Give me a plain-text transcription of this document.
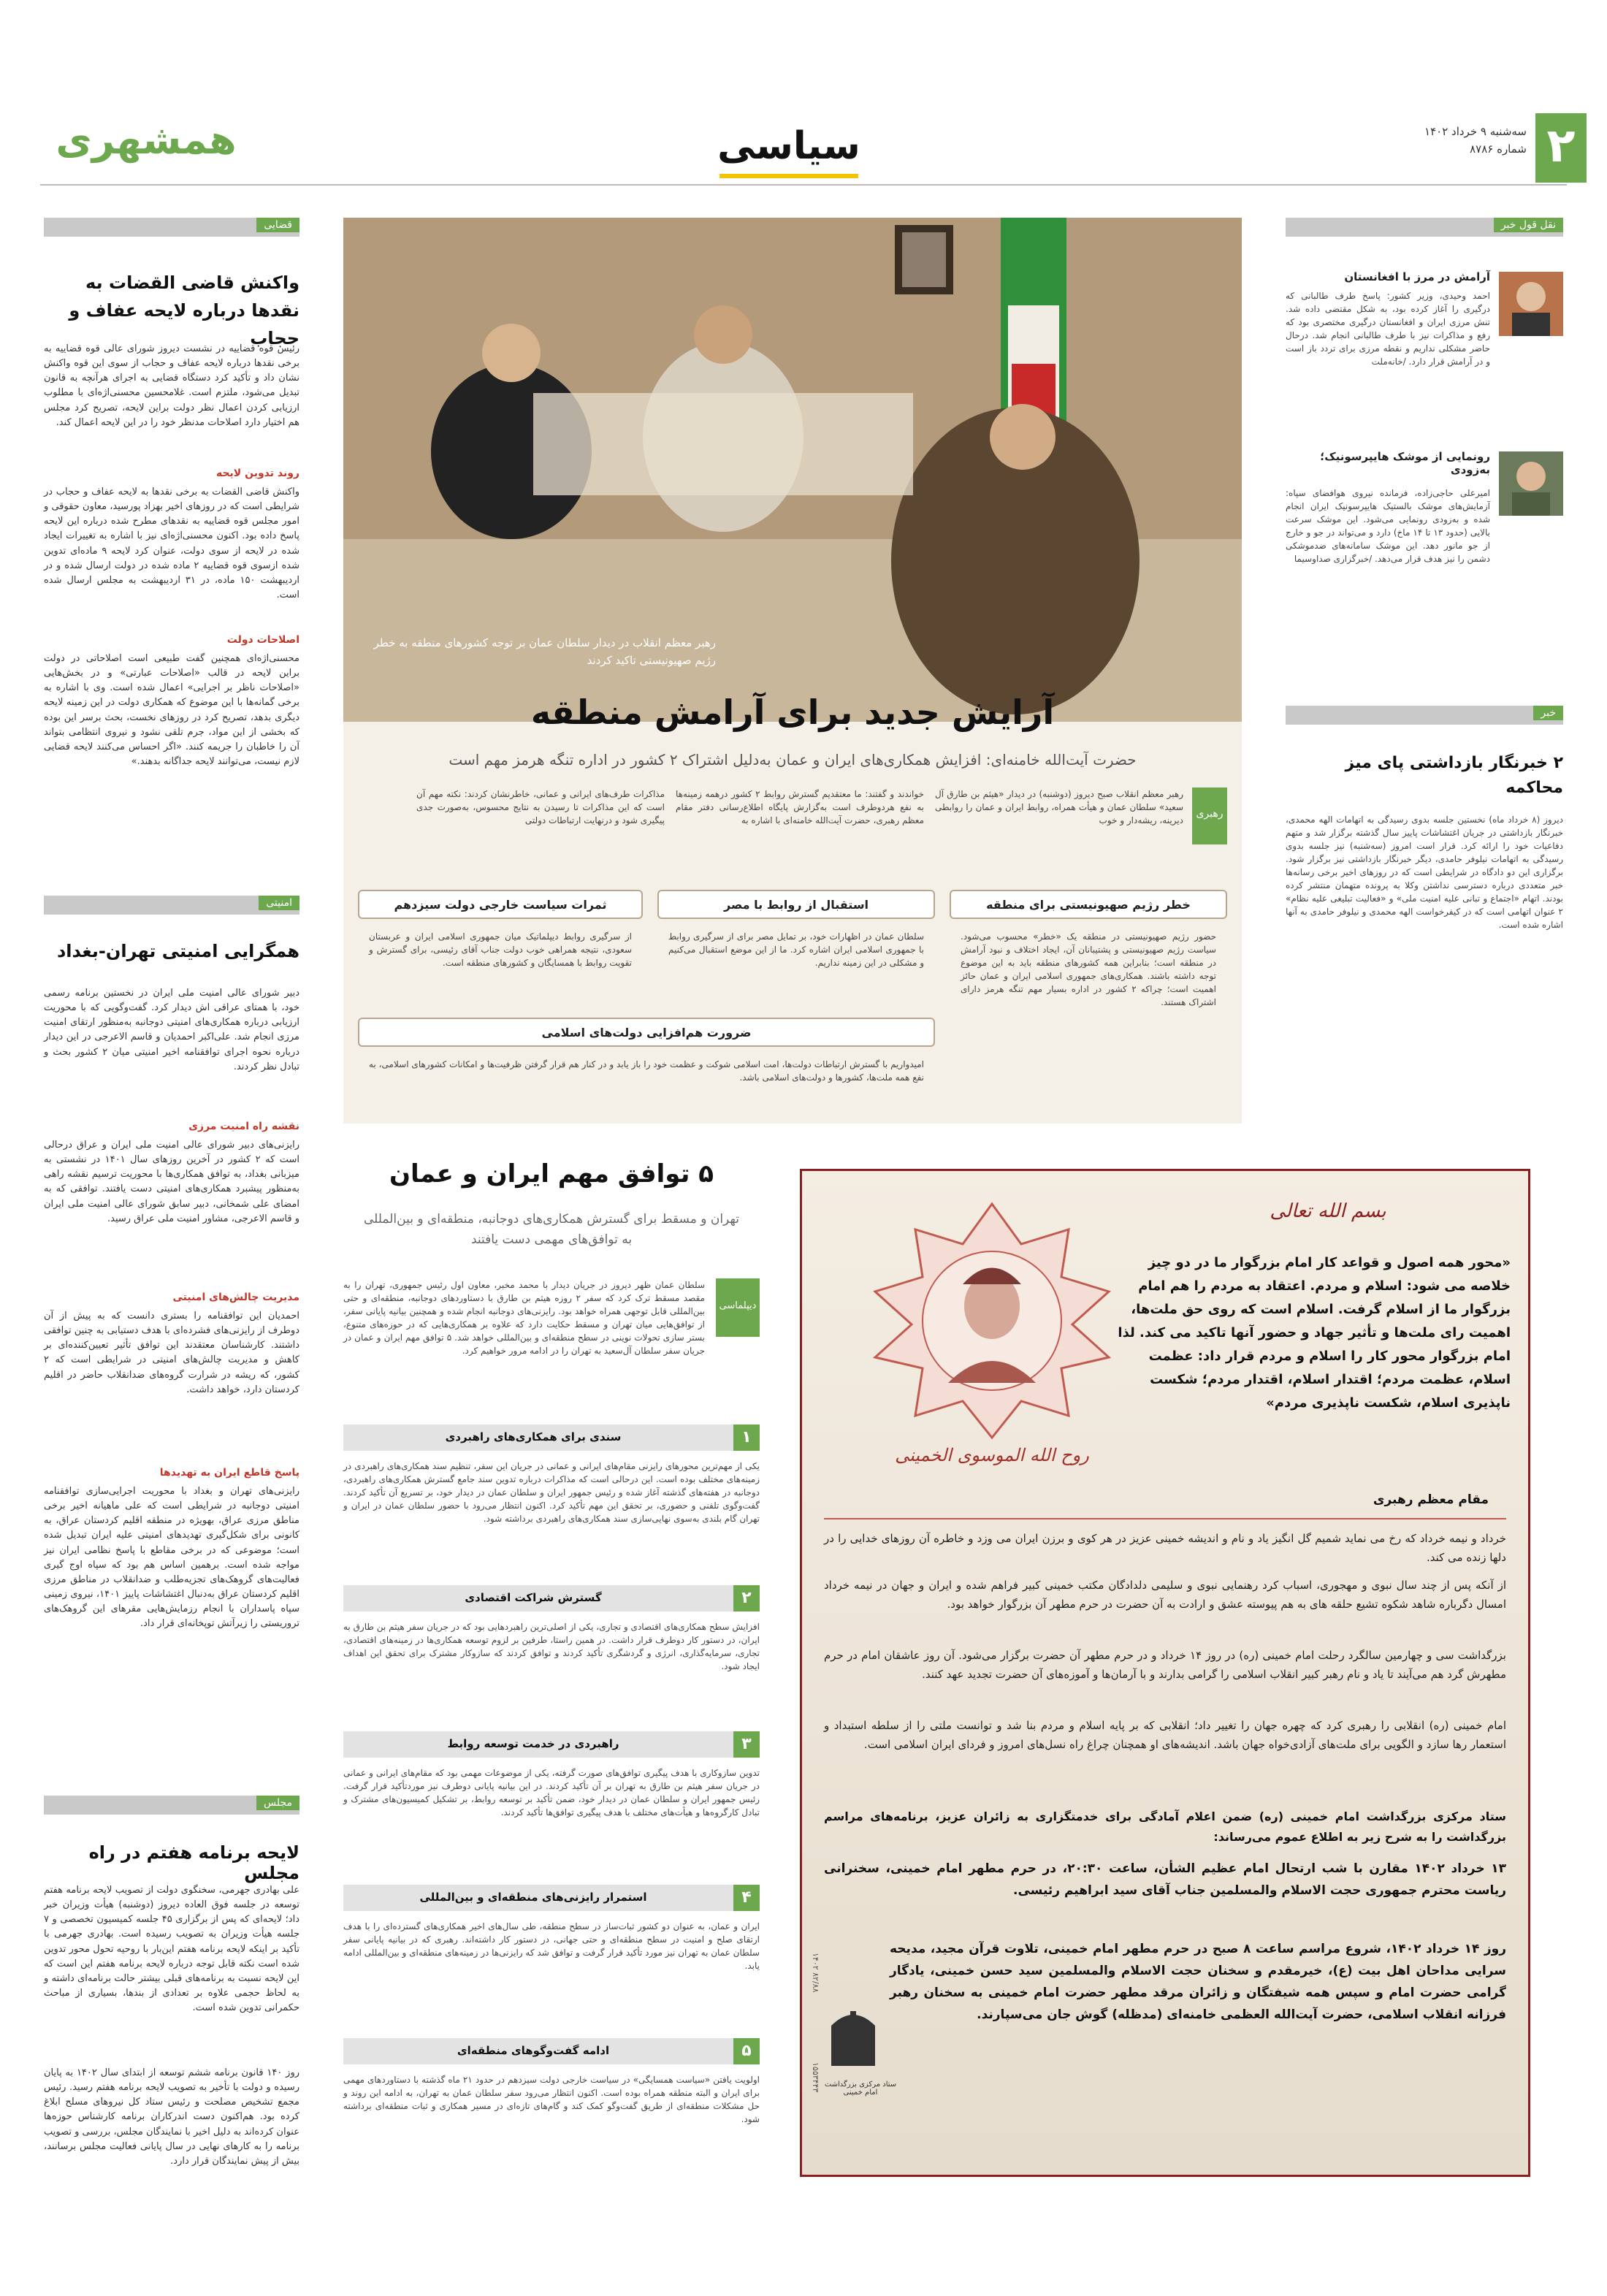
۲
سه‌شنبه ۹ خرداد ۱۴۰۲
شماره ۸۷۸۶
سیاسی
همشهری
قضایی
واکنش قاضی القضات به نقدها درباره لایحه عفاف و حجاب
رئیس قوه قضاییه در نشست دیروز شورای عالی قوه قضاییه به برخی نقدها درباره لایحه عفاف و حجاب از سوی این قوه واکنش نشان داد و تأکید کرد دستگاه قضایی به اجرای هرآنچه به قانون تبدیل می‌شود، ملتزم است. غلامحسین محسنی‌اژه‌ای با مطلوب ارزیابی کردن اعمال نظر دولت براین لایحه، تصریح کرد مجلس هم اختیار دارد اصلاحات مدنظر خود را در این لایحه اعمال کند.
روند تدوین لایحه
واکنش قاضی القضات به برخی نقدها به لایحه عفاف و حجاب در شرایطی است که در روزهای اخیر بهزاد پورسید، معاون حقوقی و امور مجلس قوه قضاییه به نقدهای مطرح شده درباره این لایحه پاسخ داده بود. اکنون محسنی‌اژه‌ای نیز با اشاره به تغییرات ایجاد شده در لایحه از سوی دولت، عنوان کرد لایحه ۹ ماده‌ای تدوین شده ازسوی قوه قضاییه ۲ ماده شده در دولت ارسال شده و در اردیبهشت ۱۵۰ ماده، در ۳۱ اردیبهشت به مجلس ارسال شده است.
اصلاحات دولت
محسنی‌اژه‌ای همچنین گفت طبیعی است اصلاحاتی در دولت براین لایحه در قالب «اصلاحات عبارتی» و در بخش‌هایی «اصلاحات ناظر بر اجرایی» اعمال شده است. وی با اشاره به برخی گمانه‌ها با این موضوع که همکاری دولت در این زمینه لایحه دیگری بدهد، تصریح کرد در روزهای نخست، بحث برسر این بوده که بخشی از این مواد، جرم تلقی نشود و نیروی انتظامی بتواند آن را خاطبان را جریمه کنند. «اگر احساس می‌کنند لایحه قضایی لازم نیست، می‌توانند لایحه جداگانه بدهند.»
امنیتی
همگرایی امنیتی تهران-بغداد
دبیر شورای عالی امنیت ملی ایران در نخستین برنامه رسمی خود، با همتای عراقی اش دیدار کرد. گفت‌وگویی که با محوریت ارزیابی درباره همکاری‌های امنیتی دوجانبه به‌منظور ارتقای امنیت مرزی انجام شد. علی‌اکبر احمدیان و قاسم الاعرجی در این دیدار درباره نحوه اجرای توافقنامه اخیر امنیتی میان ۲ کشور بحث و تبادل نظر کردند.
نقشه راه امنیت مرزی
رایزنی‌های دبیر شورای عالی امنیت ملی ایران و عراق درحالی است که ۲ کشور در آخرین روزهای سال ۱۴۰۱ در نشستی به میزبانی بغداد، به توافق همکاری‌ها با محوریت ترسیم نقشه راهی به‌منظور پیشبرد همکاری‌های امنیتی دست یافتند. توافقی که به امضای علی شمخانی، دبیر سابق شورای عالی امنیت ملی ایران و قاسم الاعرجی، مشاور امنیت ملی عراق رسید.
مدیریت چالش‌های امنیتی
احمدیان این توافقنامه را بستری دانست که به پیش از آن دوطرف از رایزنی‌های فشرده‌ای با هدف دستیابی به چنین توافقی داشتند. کارشناسان معتقدند این توافق تأثیر تعیین‌کننده‌ای بر کاهش و مدیریت چالش‌های امنیتی در شرایطی است که ۲ کشور، که ریشه در شرارت گروه‌های ضدانقلاب حاضر در اقلیم کردستان دارد، خواهد داشت.
پاسخ قاطع ایران به تهدیدها
رایزنی‌های تهران و بغداد با محوریت اجرایی‌سازی توافقنامه امنیتی دوجانبه در شرایطی است که علی ماهیانه اخیر برخی مناطق مرزی عراق، بهویژه در منطقه اقلیم کردستان عراق، به کانونی برای شکل‌گیری تهدیدهای امنیتی علیه ایران تبدیل شده است؛ موضوعی که در برخی مقاطع با پاسخ نظامی ایران نیز مواجه شده است. برهمین اساس هم بود که سپاه اوج گیری فعالیت‌های گروهک‌های تجزیه‌طلب و ضدانقلاب در مناطق مرزی اقلیم کردستان عراق به‌دنبال اغتشاشات پاییز ۱۴۰۱، نیروی زمینی سپاه پاسداران با انجام رزمایش‌هایی مقرهای این گروهک‌های تروریستی را زیرآتش توپخانه‌ای قرار داد.
مجلس
لایحه برنامه هفتم در راه مجلس
علی بهادری جهرمی، سخنگوی دولت از تصویب لایحه برنامه هفتم توسعه در جلسه فوق العاده دیروز (دوشنبه) هیأت وزیران خبر داد؛ لایحه‌ای که پس از برگزاری ۴۵ جلسه کمیسیون تخصصی و ۷ جلسه هیأت وزیران به تصویب رسیده است. بهادری جهرمی با تأکید بر اینکه لایحه برنامه هفتم این‌بار با روحیه تحول محور تدوین شده است نکته قابل توجه درباره لایحه برنامه هفتم این است که این لایحه نسبت به برنامه‌های قبلی بیشتر حالت برنامه‌ای داشته و به لحاظ حجمی علاوه بر تعدادی از بندها، بسیاری از مباحث حکمرانی تدوین شده است.
روز ۱۴۰ قانون برنامه ششم توسعه از ابتدای سال ۱۴۰۲ به پایان رسیده و دولت با تأخیر به تصویب لایحه برنامه هفتم رسید. رئیس مجمع تشخیص مصلحت و رئیس ستاد کل نیروهای مسلح ابلاغ کرده بود. هم‌اکنون دست اندرکاران برنامه کارشناس حوزه‌ها عنوان کرده‌اند به دلیل اخیر با نمایندگان مجلس، بررسی و تصویب برنامه را به کارهای نهایی در سال پایانی فعالیت مجلس برسانند، بیش از پیش نمایندگان قرار دارد.
رهبر معظم انقلاب در دیدار سلطان عمان بر توجه کشورهای منطقه به خطر رژیم صهیونیستی تاکید کردند
آرایش جدید برای آرامش منطقه
حضرت آیت‌الله خامنه‌ای: افزایش همکاری‌های ایران و عمان به‌دلیل اشتراک ۲ کشور در اداره تنگه هرمز مهم است
رهبری
رهبر معظم انقلاب صبح دیروز (دوشنبه) در دیدار «هیثم بن طارق آل سعید» سلطان عمان و هیأت همراه، روابط ایران و عمان را روابطی دیرینه، ریشه‌دار و خوب
خواندند و گفتند: ما معتقدیم گسترش روابط ۲ کشور درهمه زمینه‌ها به نفع هردوطرف است به‌گزارش پایگاه اطلاع‌رسانی دفتر مقام معظم رهبری، حضرت آیت‌الله خامنه‌ای با اشاره به
مذاکرات طرف‌های ایرانی و عمانی، خاطرنشان کردند: نکته مهم آن است که این مذاکرات تا رسیدن به نتایج محسوس، به‌صورت جدی پیگیری شود و درنهایت ارتباطات دولتی
خطر رژیم صهیونیستی برای منطقه
حضور رژیم صهیونیستی در منطقه یک «خطر» محسوب می‌شود. سیاست رژیم صهیونیستی و پشتیبانان آن، ایجاد اختلاف و نبود آرامش در منطقه است؛ بنابراین همه کشورهای منطقه باید به این موضوع توجه داشته باشند. همکاری‌های جمهوری اسلامی ایران و عمان حائز اهمیت است؛ چراکه ۲ کشور در اداره بسیار مهم تنگه هرمز دارای اشتراک هستند.
استقبال از روابط با مصر
سلطان عمان در اظهارات خود، بر تمایل مصر برای از سرگیری روابط با جمهوری اسلامی ایران اشاره کرد. ما از این موضع استقبال می‌کنیم و مشکلی در این زمینه نداریم.
ثمرات سیاست خارجی دولت سیزدهم
از سرگیری روابط دیپلماتیک میان جمهوری اسلامی ایران و عربستان سعودی، نتیجه همراهی خوب دولت جناب آقای رئیسی، برای گسترش و تقویت روابط با همسایگان و کشورهای منطقه است.
ضرورت هم‌افزایی دولت‌های اسلامی
امیدواریم با گسترش ارتباطات دولت‌ها، امت اسلامی شوکت و عظمت خود را باز یابد و در کنار هم قرار گرفتن ظرفیت‌ها و امکانات کشورهای اسلامی، به نفع همه ملت‌ها، کشورها و دولت‌های اسلامی باشد.
نقل قول خبر
آرامش در مرز با افغانستان
احمد وحیدی، وزیر کشور: پاسخ طرف طالبانی که درگیری را آغاز کرده بود، به شکل مقتضی داده شد. تنش مرزی ایران و افغانستان درگیری مختصری بود که رفع و مذاکرات نیز با طرف طالبانی انجام شد. درحال حاضر مشکلی نداریم و نقطه مرزی برای تردد باز است و در آرامش قرار دارد. /خانه‌ملت
رونمایی از موشک هایپرسونیک؛ به‌زودی
امیرعلی حاجی‌زاده، فرمانده نیروی هوافضای سپاه: آزمایش‌های موشک بالستیک هایپرسونیک ایران انجام شده و به‌زودی رونمایی می‌شود. این موشک سرعت بالایی (حدود ۱۳ تا ۱۴ ماخ) دارد و می‌تواند در جو و خارج از جو مانور دهد. این موشک سامانه‌های ضدموشکی دشمن را نیز هدف قرار می‌دهد. /خبرگزاری صداوسیما
خبر
۲ خبرنگار بازداشتی پای میز محاکمه
دیروز (۸ خرداد ماه) نخستین جلسه بدوی رسیدگی به اتهامات الهه محمدی، خبرنگار بازداشتی در جریان اغتشاشات پاییز سال گذشته برگزار شد و متهم دفاعیات خود را ارائه کرد. قرار است امروز (سه‌شنبه) نیز جلسه بدوی رسیدگی به اتهامات نیلوفر حامدی، دیگر خبرنگار بازداشتی نیز برگزار شود. برگزاری این دو دادگاه در شرایطی است که در روزهای اخیر برخی رسانه‌ها خبر متعددی درباره دسترسی نداشتن وکلا به پرونده متهمان منتشر کرده بودند. اتهام «اجتماع و تبانی علیه امنیت ملی» و «فعالیت تبلیغی علیه نظام» ۲ عنوان اتهامی است که در کیفرخواست الهه محمدی و نیلوفر حامدی به آنها اشاره شده است.
۵ توافق مهم ایران و عمان
تهران و مسقط برای گسترش همکاری‌های دوجانبه، منطقه‌ای و بین‌المللی به توافق‌های مهمی دست یافتند
دیپلماسی
سلطان عمان ظهر دیروز در جریان دیدار با محمد مخبر، معاون اول رئیس جمهوری، تهران را به مقصد مسقط ترک کرد که سفر ۲ روزه هیثم بن طارق با دستاوردهای دوجانبه، منطقه‌ای و حتی بین‌المللی قابل توجهی همراه خواهد بود. رایزنی‌های دوجانبه انجام شده و همچنین بیانیه پایانی سفر، از توافق‌هایی میان تهران و مسقط حکایت دارد که علاوه بر همکاری‌هایی که در حوزه‌های متنوع، بستر سازی تحولات نوینی در سطح منطقه‌ای و بین‌المللی خواهد شد. ۵ توافق مهم ایران و عمان در جریان سفر سلطان آل‌سعید به تهران را در ادامه مرور خواهیم کرد.
۱
سندی برای همکاری‌های راهبردی
یکی از مهم‌ترین محورهای رایزنی مقام‌های ایرانی و عمانی در جریان این سفر، تنظیم سند همکاری‌های راهبردی در زمینه‌های مختلف بوده است. این درحالی است که مذاکرات درباره تدوین سند جامع گسترش همکاری‌های راهبردی، دوجانبه در هفته‌های گذشته آغاز شده و رئیس جمهور ایران و سلطان عمان در دیدار خود، بر تسریع آن تأکید کردند. گفت‌وگوی تلفنی و حضوری، بر تحقق این مهم تأکید کرد. اکنون انتظار می‌رود با حضور سلطان عمان در ایران و تهران گام بلندی به‌سوی نهایی‌سازی سند همکاری‌های راهبردی برداشته شود.
۲
گسترش شراکت اقتصادی
افزایش سطح همکاری‌های اقتصادی و تجاری، یکی از اصلی‌ترین راهبردهایی بود که در جریان سفر هیثم بن طارق به ایران، در دستور کار دوطرف قرار داشت. در همین راستا، طرفین بر لزوم توسعه همکاری‌ها در زمینه‌های اقتصادی، تجاری، سرمایه‌گذاری، انرژی و گردشگری تأکید کردند و توافق کردند که سازوکار مشترک برای تحقق این اهداف ایجاد شود.
۳
راهبردی در خدمت توسعه روابط
تدوین سازوکاری با هدف پیگیری توافق‌های صورت گرفته، یکی از موضوعات مهمی بود که مقام‌های ایرانی و عمانی در جریان سفر هیثم بن طارق به تهران بر آن تأکید کردند. در این بیانیه پایانی دوطرف نیز موردتأکید قرار گرفت. رئیس جمهور ایران و سلطان عمان در دیدار خود، ضمن تأکید بر توسعه روابط، بر تشکیل کمیسیون‌های مشترک و تبادل کارگروه‌ها و هیأت‌های مختلف با هدف پیگیری توافق‌ها تأکید کردند.
۴
استمرار رایزنی‌های منطقه‌ای و بین‌المللی
ایران و عمان، به عنوان دو کشور ثبات‌ساز در سطح منطقه، طی سال‌های اخیر همکاری‌های گسترده‌ای را با هدف ارتقای صلح و امنیت در سطح منطقه‌ای و حتی جهانی، در دستور کار داشته‌اند. رهبری که در بیانیه پایانی سفر سلطان عمان به تهران نیز مورد تأکید قرار گرفت و توافق شد که رایزنی‌ها در زمینه‌های منطقه‌ای و بین‌المللی ادامه یابد.
۵
ادامه گفت‌وگوهای منطقه‌ای
اولویت یافتن «سیاست همسایگی» در سیاست خارجی دولت سیزدهم در حدود ۲۱ ماه گذشته با دستاوردهای مهمی برای ایران و البته منطقه همراه بوده است. اکنون انتظار می‌رود سفر سلطان عمان به تهران، به ادامه این روند و حل مشکلات منطقه‌ای از طریق گفت‌وگو کمک کند و گام‌های تازه‌ای در مسیر همکاری و ثبات منطقه‌ای برداشته شود.
روح الله الموسوی الخمینی
بسم الله تعالی
«محور همه اصول و قواعد کار امام بزرگوار ما در دو چیز خلاصه می شود: اسلام و مردم. اعتقاد به مردم را هم امام بزرگوار ما از اسلام گرفت. اسلام است که روی حق ملت‌ها، اهمیت رای ملت‌ها و تأثیر جهاد و حضور آنها تاکید می کند. لذا امام بزرگوار محور کار را اسلام و مردم قرار داد: عظمت اسلام، عظمت مردم؛ اقتدار اسلام، اقتدار مردم؛ شکست ناپذیری اسلام، شکست ناپذیری مردم»
مقام معظم رهبری
خرداد و نیمه خرداد که رخ می نماید شمیم گل انگیز یاد و نام و اندیشه خمینی عزیز در هر کوی و برزن ایران می وزد و خاطره آن روزهای خدایی را در دلها زنده می کند.
از آنکه پس از چند سال نبوی و مهجوری، اسباب کرد رهنمایی نبوی و سلیمی دلدادگان مکتب خمینی کبیر فراهم شده و ایران و جهان در نیمه خرداد امسال دگرباره شاهد شکوه تشیع حلقه های به هم پیوسته عشق و ارادت به آن حضرت در حرم مطهر آن بزرگوار خواهد بود.
بزرگداشت سی و چهارمین سالگرد رحلت امام خمینی (ره) در روز ۱۴ خرداد و در حرم مطهر آن حضرت برگزار می‌شود. آن روز عاشقان امام در حرم مطهرش گرد هم می‌آیند تا یاد و نام رهبر کبیر انقلاب اسلامی را گرامی بدارند و با آرمان‌ها و آموزه‌های آن حضرت تجدید عهد کنند.
امام خمینی (ره) انقلابی را رهبری کرد که چهره جهان را تغییر داد؛ انقلابی که بر پایه اسلام و مردم بنا شد و توانست ملتی را از سلطه استبداد و استعمار رها سازد و الگویی برای ملت‌های آزادی‌خواه جهان باشد. اندیشه‌های او همچنان چراغ راه نسل‌های امروز و فردای ایران اسلامی است.
ستاد مرکزی بزرگداشت امام خمینی (ره) ضمن اعلام آمادگی برای خدمتگزاری به زائران عزیز، برنامه‌های مراسم بزرگداشت را به شرح زیر به اطلاع عموم می‌رساند:
۱۳ خرداد ۱۴۰۲ مقارن با شب ارتحال امام عظیم الشأن، ساعت ۲۰:۳۰، در حرم مطهر امام خمینی، سخنرانی ریاست محترم جمهوری حجت الاسلام والمسلمین جناب آقای سید ابراهیم رئیسی.
روز ۱۴ خرداد ۱۴۰۲، شروع مراسم ساعت ۸ صبح در حرم مطهر امام خمینی، تلاوت قرآن مجید، مدیحه سرایی مداحان اهل بیت (ع)، خیرمقدم و سخنان حجت الاسلام والمسلمین سید حسن خمینی، یادگار گرامی حضرت امام و سپس همه شیفتگان و زائران مرقد مطهر حضرت امام خمینی به سخنان رهبر فرزانه انقلاب اسلامی، حضرت آیت‌الله العظمی خامنه‌ای (مدظله) گوش جان می‌سپارند.
ستاد مرکزی بزرگداشت امام خمینی
۸۲/۸۸ ۱۴۰۲
۱۵۵۳۴۴۳
